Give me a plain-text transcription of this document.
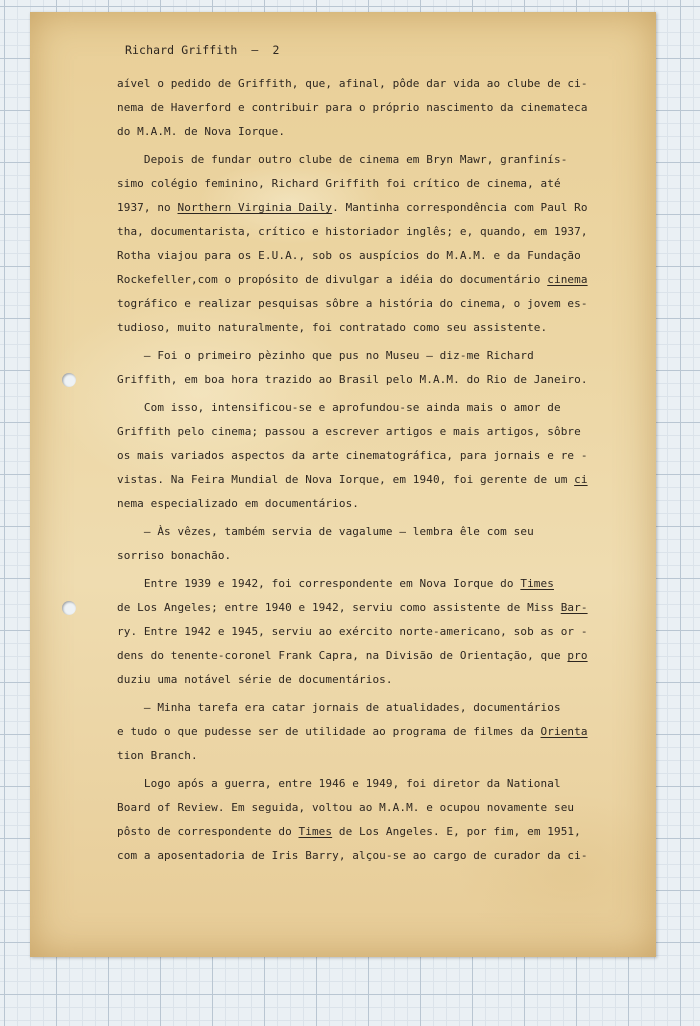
Richard Griffith  —  2
aível o pedido de Griffith, que, afinal, pôde dar vida ao clube de ci-
nema de Haverford e contribuir para o próprio nascimento da cinemateca
do M.A.M. de Nova Iorque.
Depois de fundar outro clube de cinema em Bryn Mawr, granfinís-
simo colégio feminino, Richard Griffith foi crítico de cinema, até
1937, no Northern Virginia Daily. Mantinha correspondência com Paul Ro
tha, documentarista, crítico e historiador inglês; e, quando, em 1937,
Rotha viajou para os E.U.A., sob os auspícios do M.A.M. e da Fundação
Rockefeller,com o propósito de divulgar a idéia do documentário cinema
tográfico e realizar pesquisas sôbre a história do cinema, o jovem es-
tudioso, muito naturalmente, foi contratado como seu assistente.
— Foi o primeiro pèzinho que pus no Museu — diz-me Richard
Griffith, em boa hora trazido ao Brasil pelo M.A.M. do Rio de Janeiro.
Com isso, intensificou-se e aprofundou-se ainda mais o amor de
Griffith pelo cinema; passou a escrever artigos e mais artigos, sôbre
os mais variados aspectos da arte cinematográfica, para jornais e re -
vistas. Na Feira Mundial de Nova Iorque, em 1940, foi gerente de um ci
nema especializado em documentários.
— Às vêzes, também servia de vagalume — lembra êle com seu
sorriso bonachão.
Entre 1939 e 1942, foi correspondente em Nova Iorque do Times
de Los Angeles; entre 1940 e 1942, serviu como assistente de Miss Bar-
ry. Entre 1942 e 1945, serviu ao exército norte-americano, sob as or -
dens do tenente-coronel Frank Capra, na Divisão de Orientação, que pro
duziu uma notável série de documentários.
— Minha tarefa era catar jornais de atualidades, documentários
e tudo o que pudesse ser de utilidade ao programa de filmes da Orienta
tion Branch.
Logo após a guerra, entre 1946 e 1949, foi diretor da National
Board of Review. Em seguida, voltou ao M.A.M. e ocupou novamente seu
pôsto de correspondente do Times de Los Angeles. E, por fim, em 1951,
com a aposentadoria de Iris Barry, alçou-se ao cargo de curador da ci-
